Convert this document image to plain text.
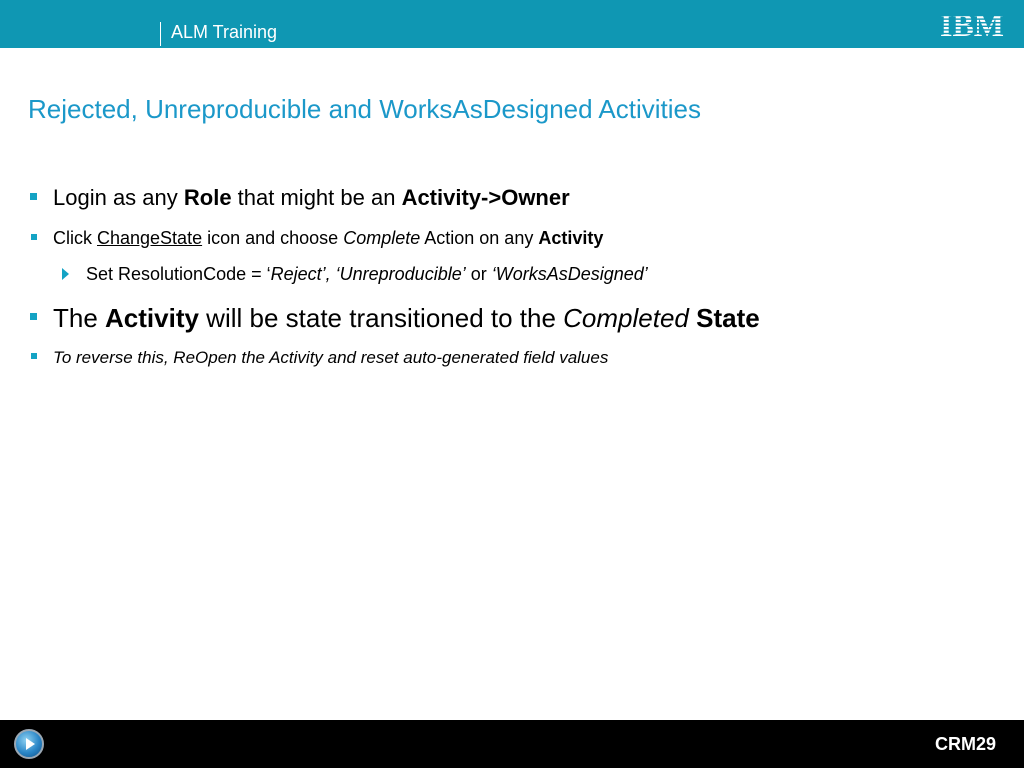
ALM Training	IBM
Rejected, Unreproducible and WorksAsDesigned Activities
Login as any Role that might be an Activity->Owner
Click ChangeState icon and choose Complete Action on any Activity
Set ResolutionCode = ‘Reject’, ‘Unreproducible’ or ‘WorksAsDesigned’
The Activity will be state transitioned to the Completed State
To reverse this, ReOpen the Activity and reset auto-generated field values
CRM29
